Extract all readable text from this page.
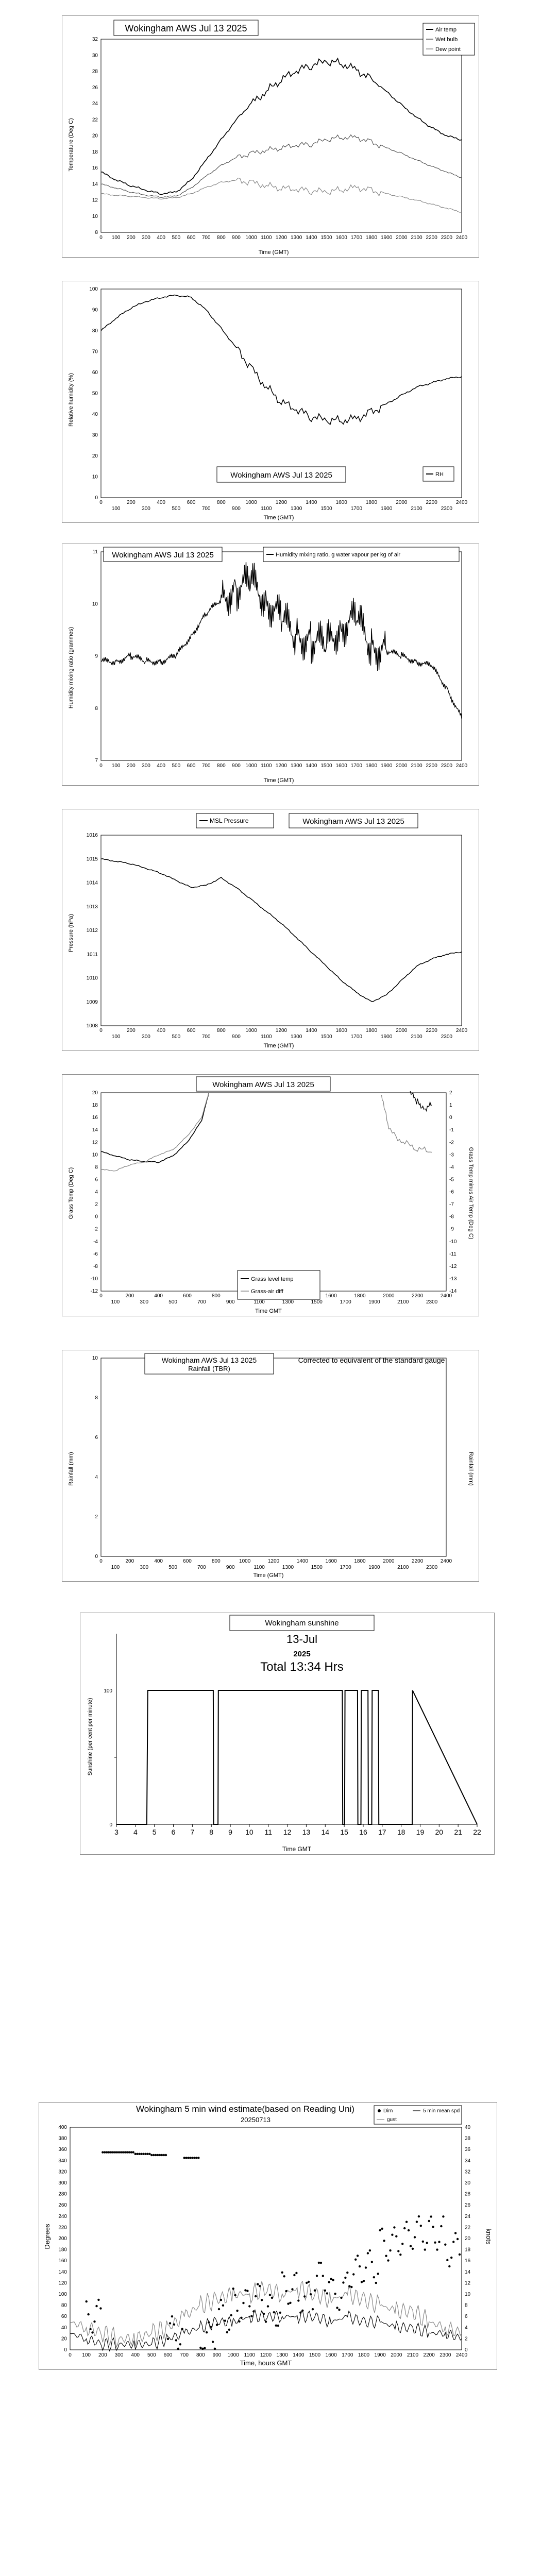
8
10
12
14
16
18
20
22
24
26
28
30
32
0 100 200 300 400 500 600 700 800 900 1000 1100 1200 1300 1400 1500 1600 1700 1800 1900 2000 2100 2200 2300 2400
Wokingham AWS Jul 13 2025	Air temp
Wet bulb
Dew point
Temperature (Deg C)
Time (GMT)
0
10
20
30
40
50
60
70
80
90
100
0	200	400	600	800	1000	1200	1400	1600	1800	2000	2200	2400
100	300	500	700	900	1100	1300	1500	1700	1900	2100	2300
Wokingham AWS Jul 13 2025	RH
Relative humidity (%)
Time (GMT)
7
8
9
10
11
0 100 200 300 400 500 600 700 800 900 1000 1100 1200 1300 1400 1500 1600 1700 1800 1900 2000 2100 2200 2300 2400
Wokingham AWS Jul 13 2025	Humidity mixing ratio, g water vapour per kg of air
Humidity mixing ratio (grammes)
Time (GMT)
1008
1009
1010
1011
1012
1013
1014
1015
1016
0	200	400	600	800	1000	1200	1400	1600	1800	2000	2200	2400
100	300	500	700	900	1100	1300	1500	1700	1900	2100	2300
MSL Pressure	Wokingham AWS Jul 13 2025
Pressure (hPa)
Time (GMT)
-12
-10
-8
-6
-4
-2
0
2
4
6
8
10
12
14
16
18
20
0	200	400	600	800	1600	1800	2000	2200	2400
100	300	500	700	900	1100	1300	1500	1700	1900	2100	2300
-14
-13
-12
-11
-10
-9
-8
-7
-6
-5
-4
-3
-2
-1
0
1
2
Wokingham AWS Jul 13 2025
Grass level temp
Grass-air diff
Grass Temp (Deg C)	Grass Temp minus Air Temp (Deg C)
Time GMT
0
2
4
6
8
10
0	200	400	600	800	1000	1200	1400	1600	1800	2000	2200	2400
100	300	500	700	900	1100	1300	1500	1700	1900	2100	2300
Wokingham AWS Jul 13 2025
Rainfall (TBR)
Corrected to equivalent of the standard gauge
Rainfall (mm)	Rainfall (mm)
Time (GMT)
3 4 5 6 7 8 9 10 11 12 13 14 15 16 17 18 19 20 21 22
0
100
Wokingham sunshine
13-Jul
2025
Total 13:34 Hrs
Sunshine (per cent per minute)
Time GMT
0
20
40
60
80
100
120
140
160
180
200
220
240
260
280
300
320
340
360
380
400
0 100 200 300 400 500 600 700 800 900 1000 1100 1200 1300 1400 1500 1600 1700 1800 1900 2000 2100 2200 2300 2400
0
2
4
6
8
10
12
14
16
18
20
22
24
26
28
30
32
34
36
38
40
Wokingham 5 min wind estimate(based on Reading Uni)
20250713
Dirn	5 min mean spd
gust
Degrees	knots
Time, hours GMT
